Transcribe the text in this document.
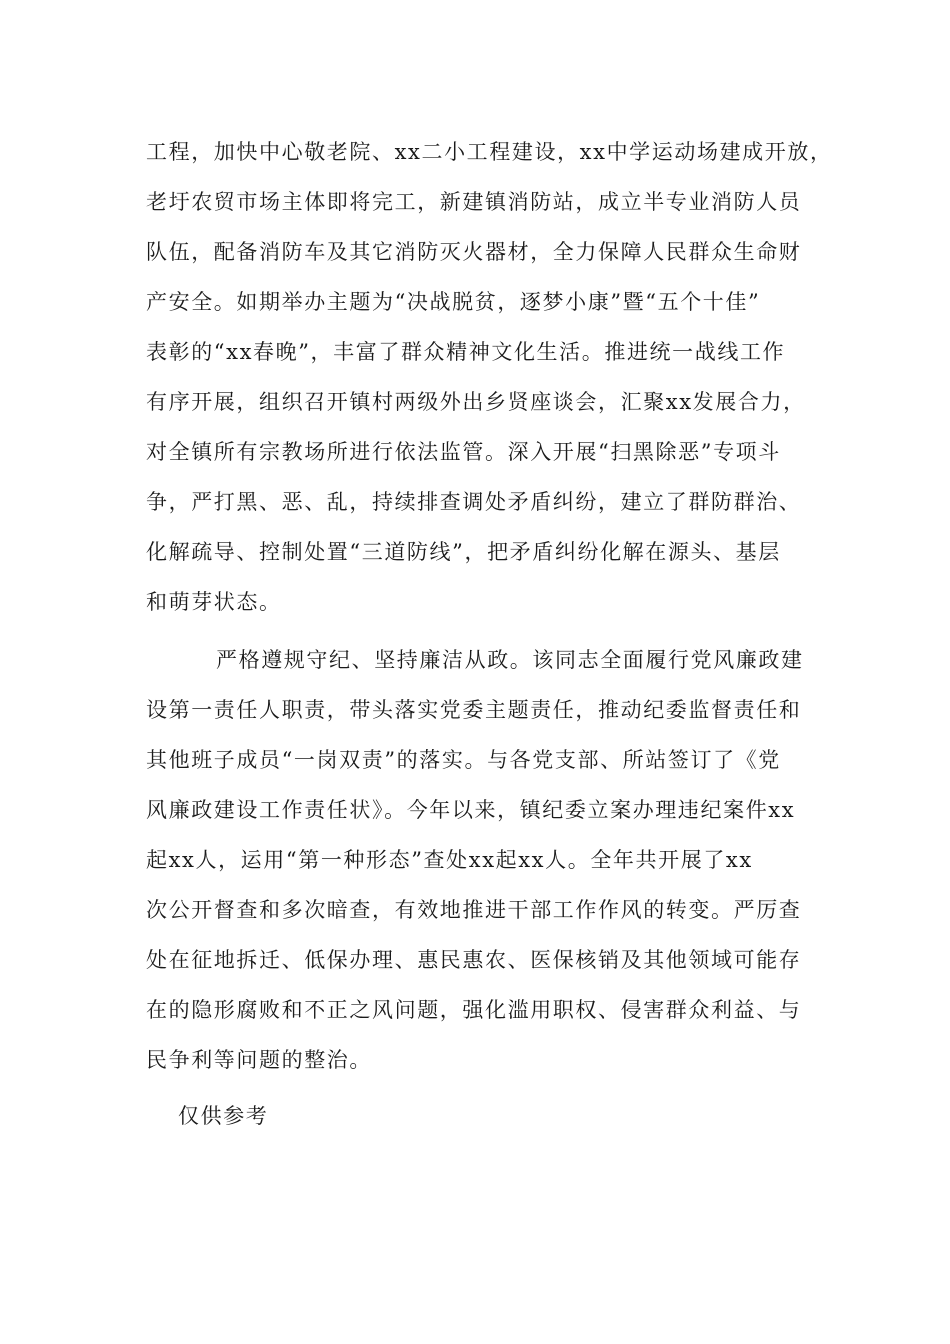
工程，加快中心敬老院、xx二小工程建设，xx中学运动场建成开放，
老圩农贸市场主体即将完工，新建镇消防站，成立半专业消防人员
队伍，配备消防车及其它消防灭火器材，全力保障人民群众生命财
产安全。如期举办主题为“决战脱贫，逐梦小康”暨“五个十佳”
表彰的“xx春晚”，丰富了群众精神文化生活。推进统一战线工作
有序开展，组织召开镇村两级外出乡贤座谈会，汇聚xx发展合力，
对全镇所有宗教场所进行依法监管。深入开展“扫黑除恶”专项斗
争，严打黑、恶、乱，持续排查调处矛盾纠纷，建立了群防群治、
化解疏导、控制处置“三道防线”，把矛盾纠纷化解在源头、基层
和萌芽状态。
严格遵规守纪、坚持廉洁从政。该同志全面履行党风廉政建
设第一责任人职责，带头落实党委主题责任，推动纪委监督责任和
其他班子成员“一岗双责”的落实。与各党支部、所站签订了《党
风廉政建设工作责任状》。今年以来，镇纪委立案办理违纪案件xx
起xx人，运用“第一种形态”查处xx起xx人。全年共开展了xx
次公开督查和多次暗查，有效地推进干部工作作风的转变。严厉查
处在征地拆迁、低保办理、惠民惠农、医保核销及其他领域可能存
在的隐形腐败和不正之风问题，强化滥用职权、侵害群众利益、与
民争利等问题的整治。
仅供参考
